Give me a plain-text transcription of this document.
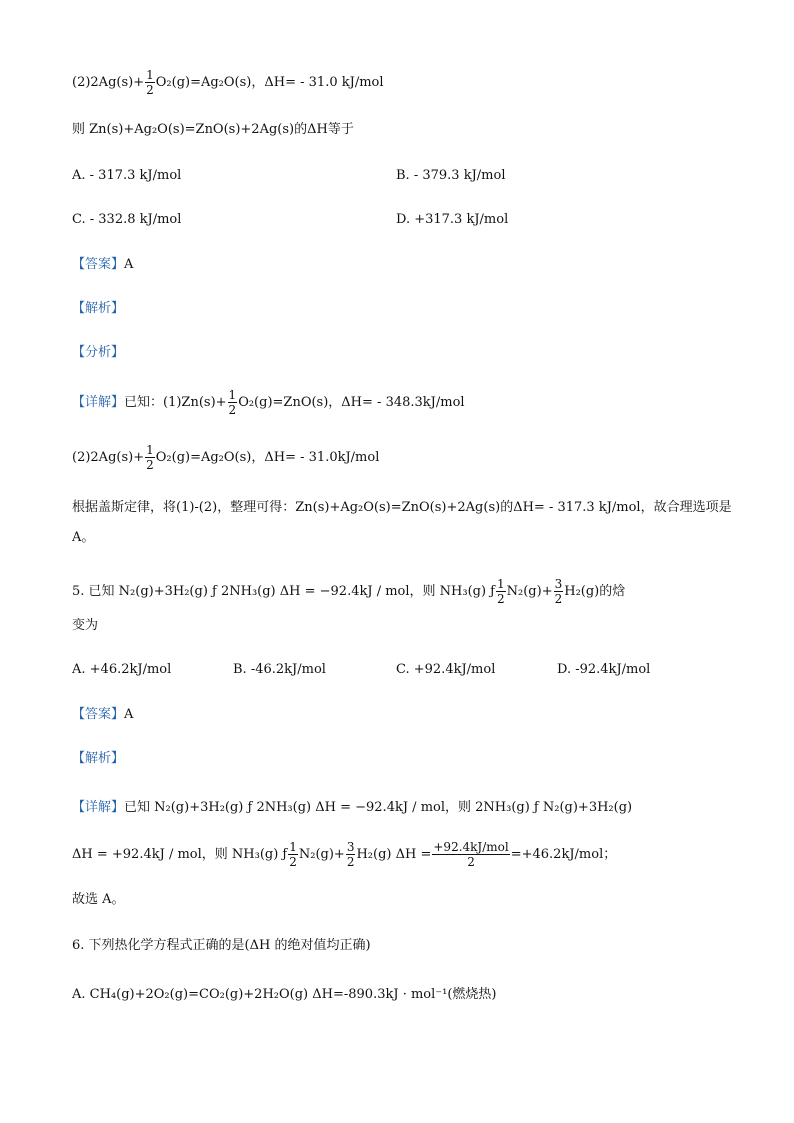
$(2)2Ag(s)+ \frac{1}{2} O_2(g)=Ag_2O(s)$，ΔH= - 31.0 kJ/mol
则 Zn(s)+Ag₂O(s)=ZnO(s)+2Ag(s)的ΔH等于
A. - 317.3 kJ/mol	B. - 379.3 kJ/mol
C. - 332.8 kJ/mol	D. +317.3 kJ/mol
【答案】A
【解析】
【分析】
【详解】已知：$(1)Zn(s)+ \frac{1}{2} O_2(g)=ZnO(s)$，ΔH= - 348.3kJ/mol
$(2)2Ag(s)+ \frac{1}{2} O_2(g)=Ag_2O(s)$，ΔH= - 31.0kJ/mol
根据盖斯定律，将(1)-(2)，整理可得：Zn(s)+Ag₂O(s)=ZnO(s)+2Ag(s)的ΔH= - 317.3 kJ/mol，故合理选项是
A。
5. 已知 N₂(g)+3H₂(g) ƒ 2NH₃(g) ΔH = −92.4kJ / mol，则 NH₃(g) ƒ $\frac{1}{2} N_2(g)+ \frac{3}{2} H_2(g)$的焓
变为
A. +46.2kJ/mol	B. -46.2kJ/mol	C. +92.4kJ/mol	D. -92.4kJ/mol
【答案】A
【解析】
【详解】已知 N₂(g)+3H₂(g) ƒ 2NH₃(g) ΔH = −92.4kJ / mol，则 2NH₃(g) ƒ N₂(g)+3H₂(g)
ΔH = +92.4kJ / mol，则 NH₃(g) ƒ $\frac{1}{2} N_2(g)+ \frac{3}{2} H_2(g) \Delta H = \frac{\text{+92.4kJ/mol}}{2} =+46.2kJ/mol$；
故选 A。
6. 下列热化学方程式正确的是(ΔH 的绝对值均正确)
A. CH₄(g)+2O₂(g)=CO₂(g)+2H₂O(g) ΔH=-890.3kJ · mol⁻¹(燃烧热)
